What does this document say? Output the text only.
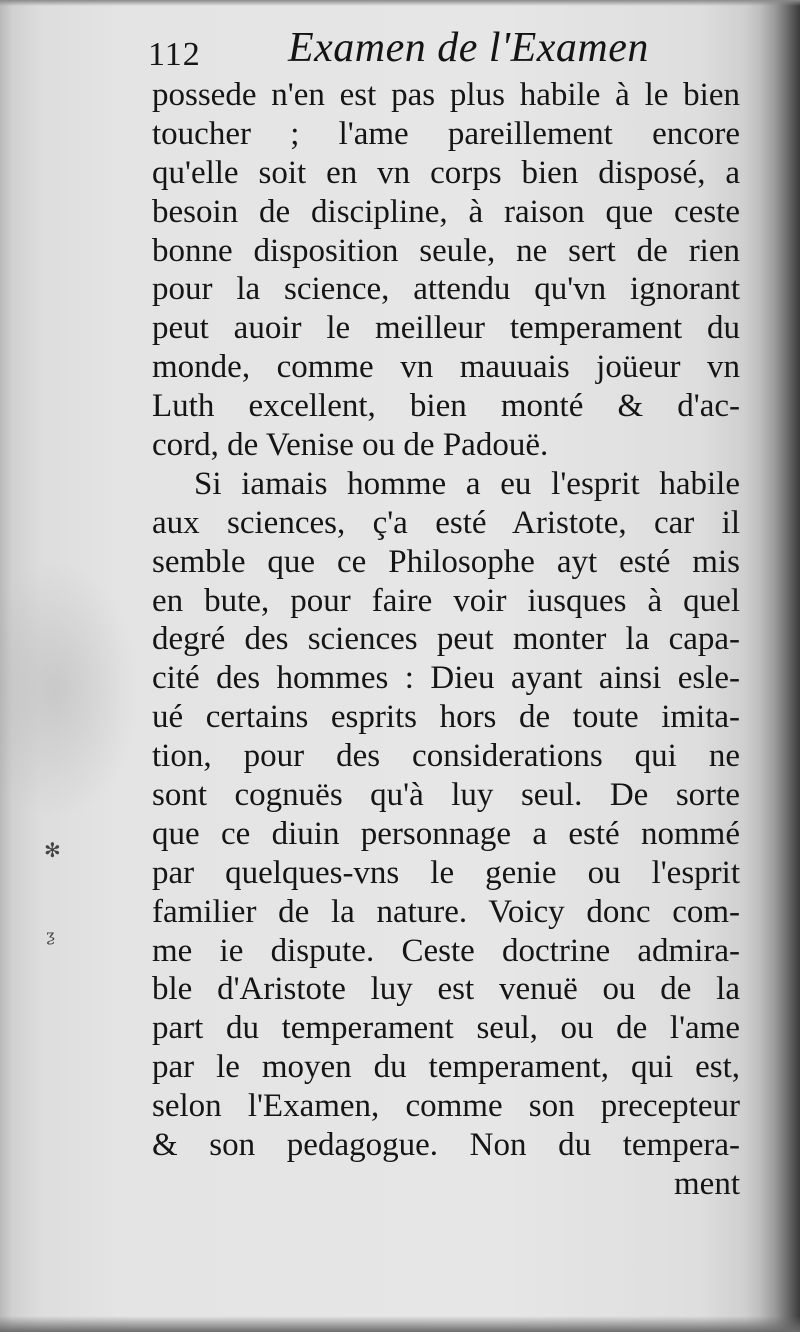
✻
ƺ
112 Examen de l'Examen
possede n'en est pas plus habile à le bien
toucher ; l'ame pareillement encore
qu'elle soit en vn corps bien disposé, a
besoin de discipline, à raison que ceste
bonne disposition seule, ne sert de rien
pour la science, attendu qu'vn ignorant
peut auoir le meilleur temperament du
monde, comme vn mauuais joüeur vn
Luth excellent, bien monté & d'ac-
cord, de Venise ou de Padouë.
Si iamais homme a eu l'esprit habile
aux sciences, ç'a esté Aristote, car il
semble que ce Philosophe ayt esté mis
en bute, pour faire voir iusques à quel
degré des sciences peut monter la capa-
cité des hommes : Dieu ayant ainsi esle-
ué certains esprits hors de toute imita-
tion, pour des considerations qui ne
sont cognuës qu'à luy seul. De sorte
que ce diuin personnage a esté nommé
par quelques-vns le genie ou l'esprit
familier de la nature. Voicy donc com-
me ie dispute. Ceste doctrine admira-
ble d'Aristote luy est venuë ou de la
part du temperament seul, ou de l'ame
par le moyen du temperament, qui est,
selon l'Examen, comme son precepteur
& son pedagogue. Non du tempera-
ment
